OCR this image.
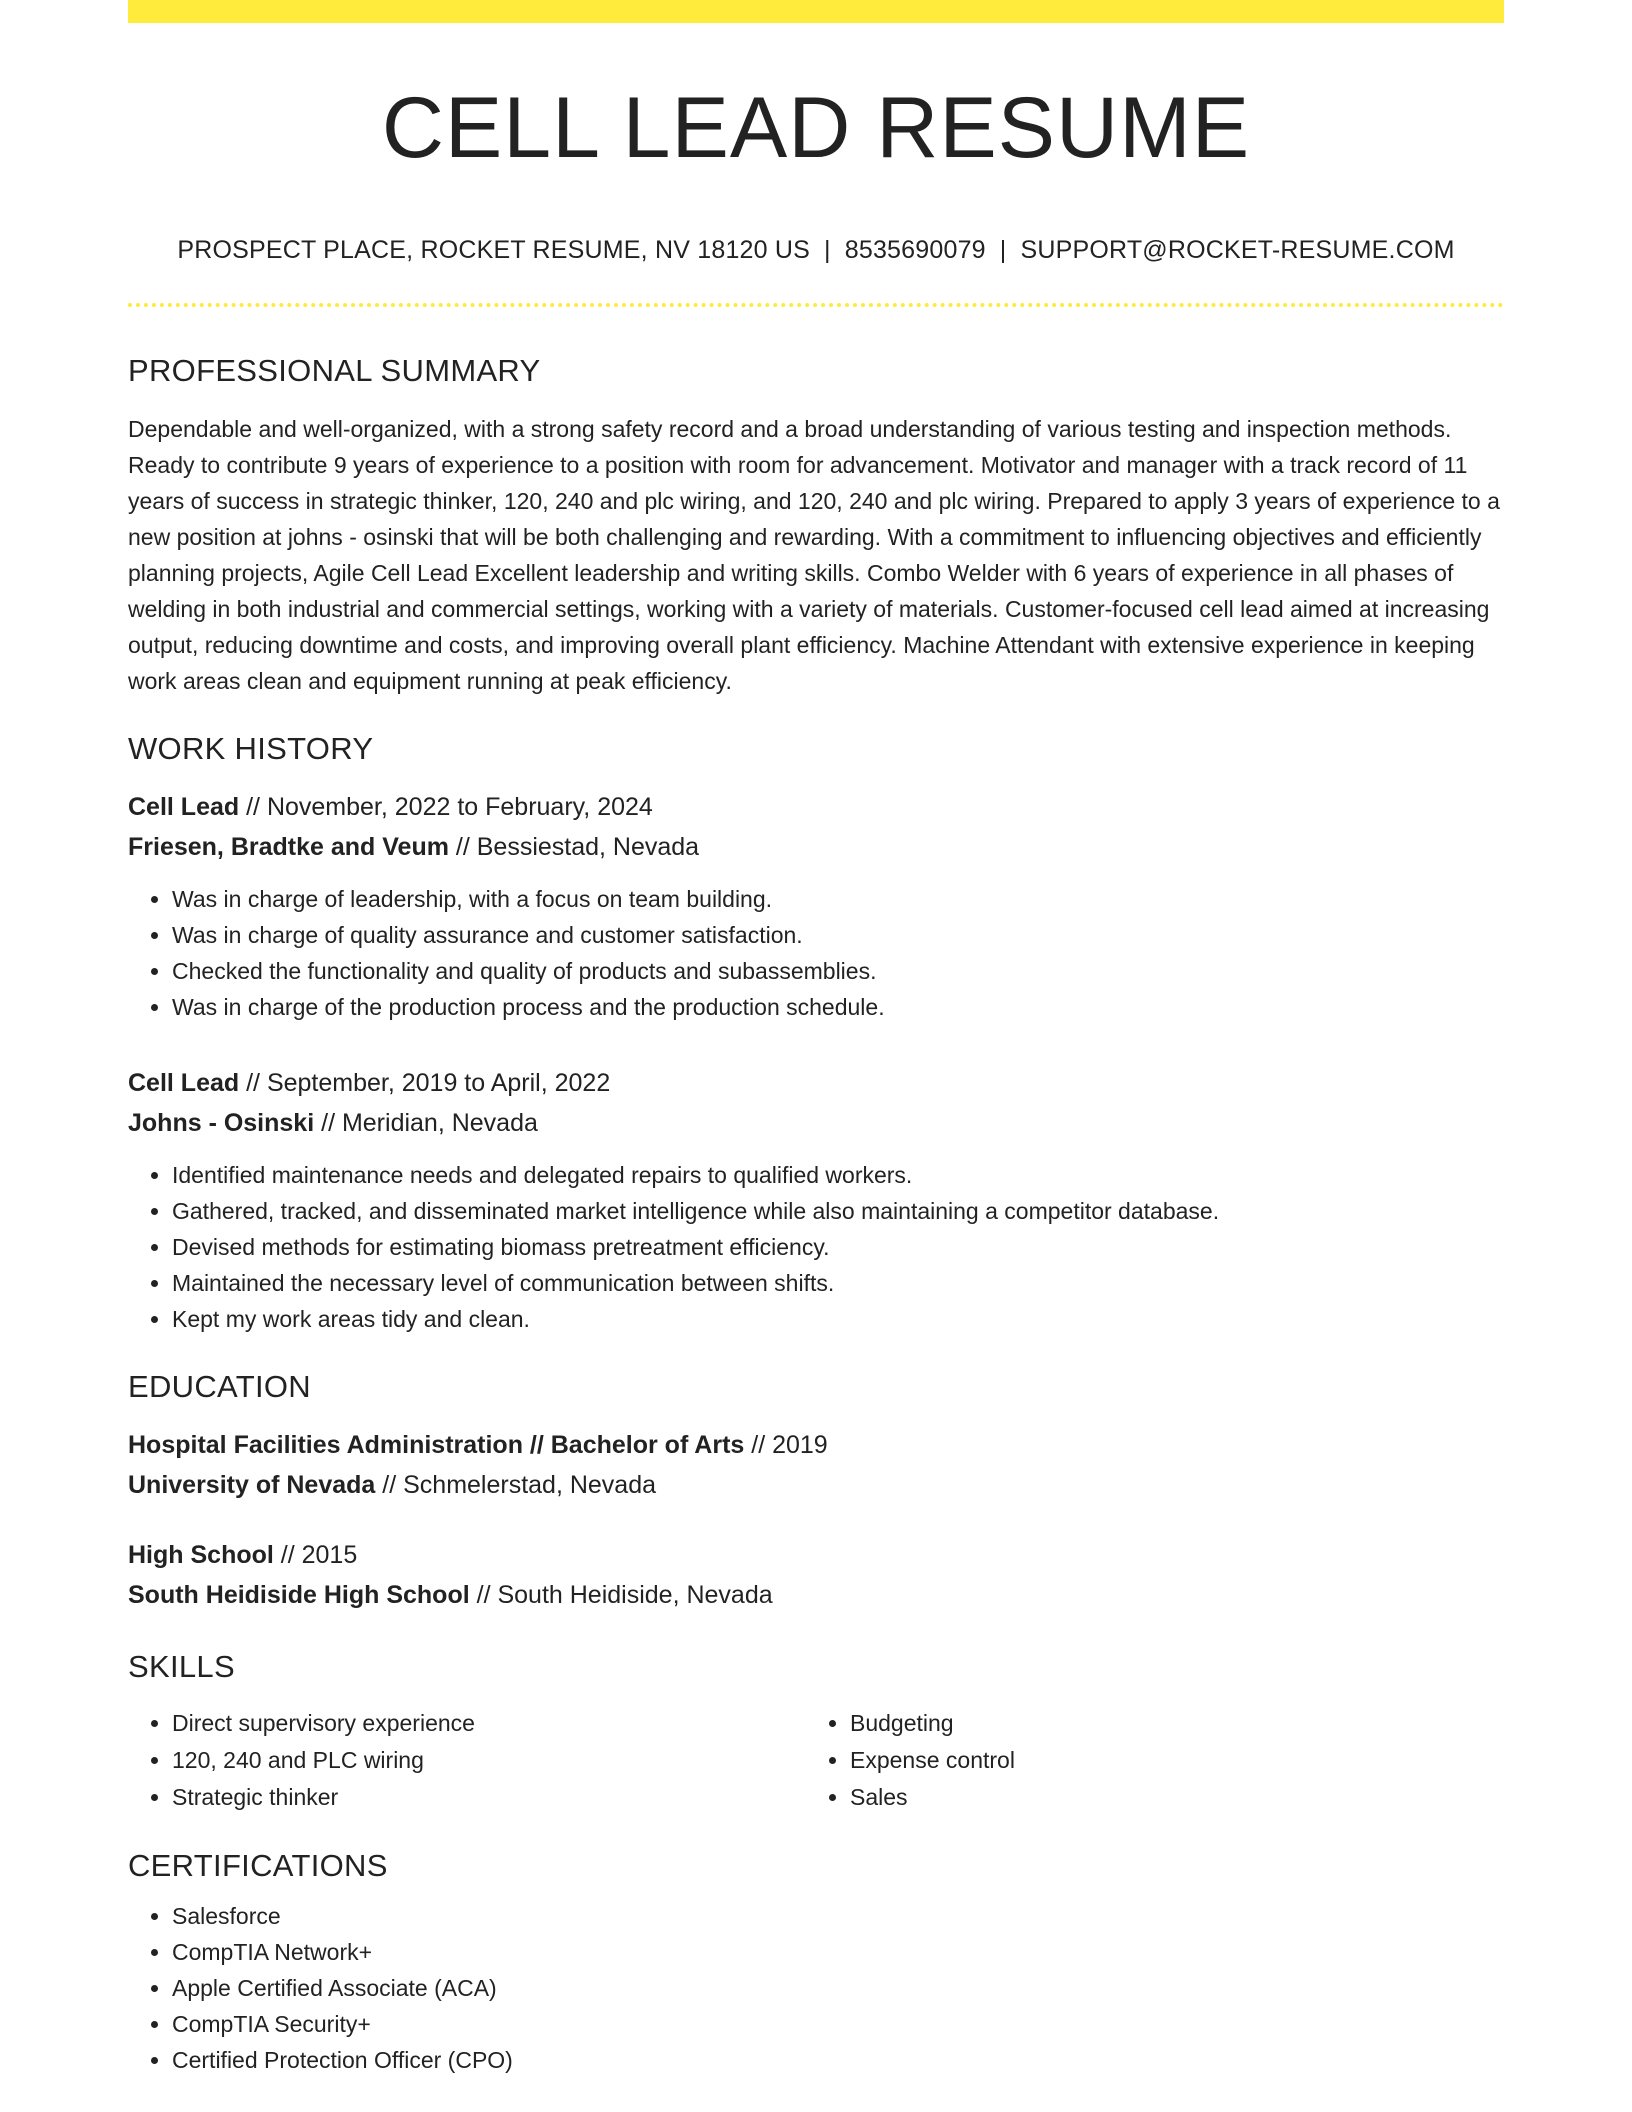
CELL LEAD RESUME
PROSPECT PLACE, ROCKET RESUME, NV 18120 US | 8535690079 | SUPPORT@ROCKET-RESUME.COM
PROFESSIONAL SUMMARY

Dependable and well-organized, with a strong safety record and a broad understanding of various testing and inspection methods. Ready to contribute 9 years of experience to a position with room for advancement. Motivator and manager with a track record of 11 years of success in strategic thinker, 120, 240 and plc wiring, and 120, 240 and plc wiring. Prepared to apply 3 years of experience to a new position at johns - osinski that will be both challenging and rewarding. With a commitment to influencing objectives and efficiently planning projects, Agile Cell Lead Excellent leadership and writing skills. Combo Welder with 6 years of experience in all phases of welding in both industrial and commercial settings, working with a variety of materials. Customer-focused cell lead aimed at increasing output, reducing downtime and costs, and improving overall plant efficiency. Machine Attendant with extensive experience in keeping work areas clean and equipment running at peak efficiency.

WORK HISTORY
Cell Lead // November, 2022 to February, 2024
Friesen, Bradtke and Veum // Bessiestad, Nevada
• Was in charge of leadership, with a focus on team building.
• Was in charge of quality assurance and customer satisfaction.
• Checked the functionality and quality of products and subassemblies.
• Was in charge of the production process and the production schedule.
Cell Lead // September, 2019 to April, 2022
Johns - Osinski // Meridian, Nevada
• Identified maintenance needs and delegated repairs to qualified workers.
• Gathered, tracked, and disseminated market intelligence while also maintaining a competitor database.
• Devised methods for estimating biomass pretreatment efficiency.
• Maintained the necessary level of communication between shifts.
• Kept my work areas tidy and clean.
EDUCATION
Hospital Facilities Administration // Bachelor of Arts // 2019
University of Nevada // Schmelerstad, Nevada
High School // 2015
South Heidiside High School // South Heidiside, Nevada
SKILLS
• Direct supervisory experience
• 120, 240 and PLC wiring
• Strategic thinker
• Budgeting
• Expense control
• Sales
CERTIFICATIONS
• Salesforce
• CompTIA Network+
• Apple Certified Associate (ACA)
• CompTIA Security+
• Certified Protection Officer (CPO)
